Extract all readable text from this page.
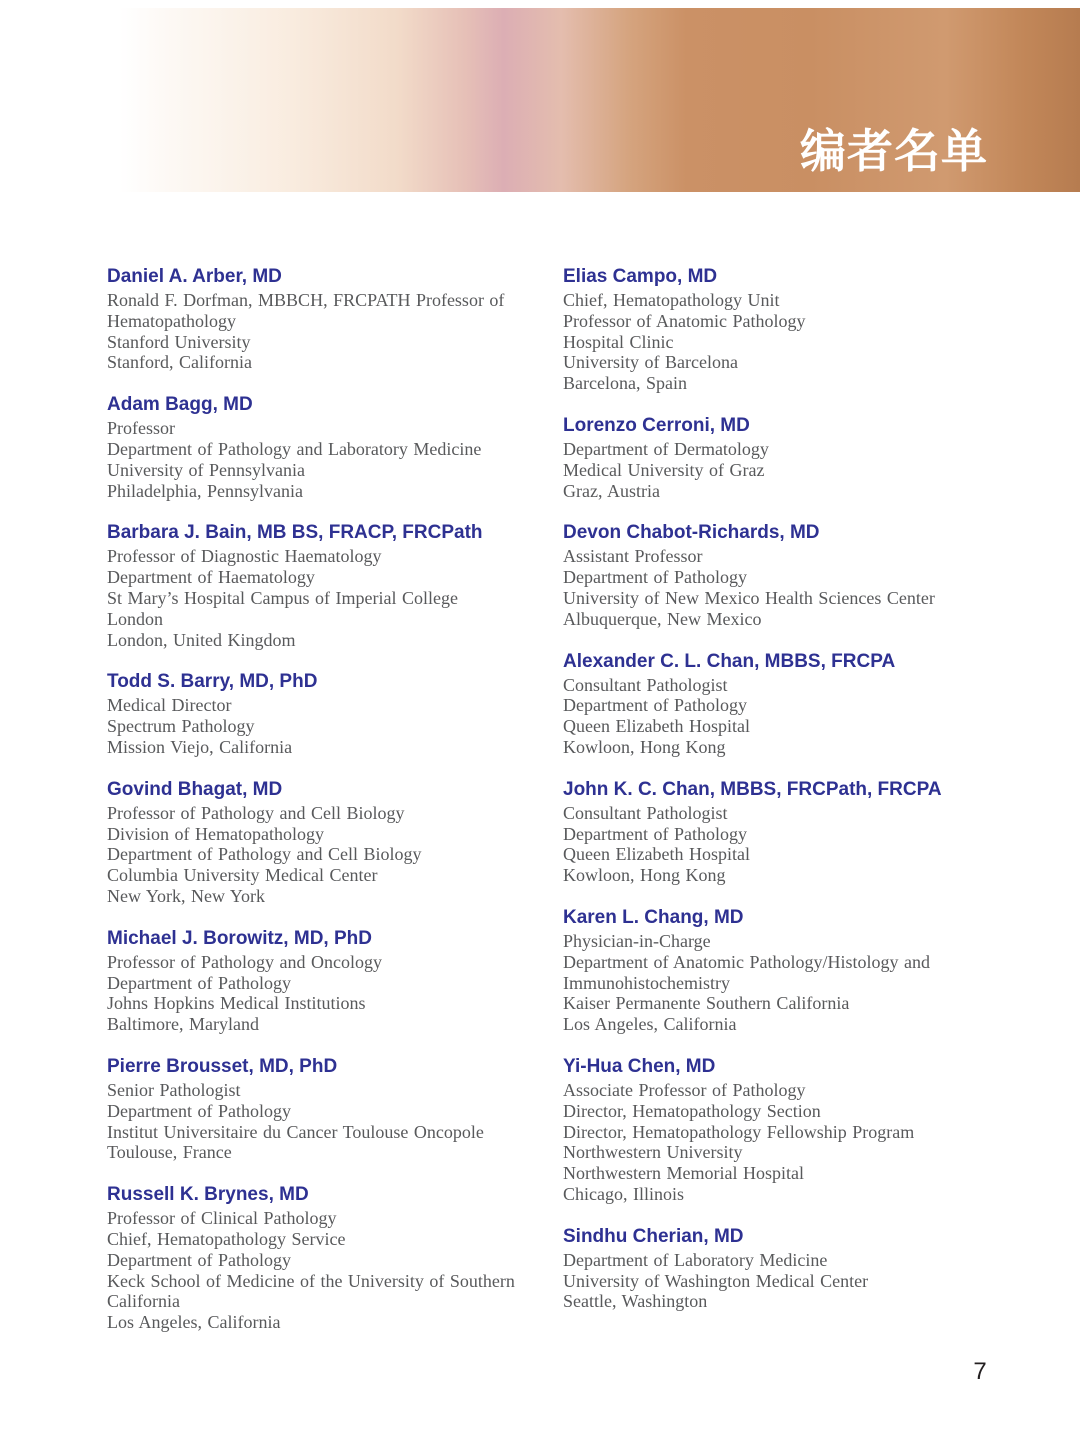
编者名单
Daniel A. Arber, MD

Ronald F. Dorfman, MBBCH, FRCPATH Professor of

Hematopathology

Stanford University

Stanford, California

Adam Bagg, MD

Professor

Department of Pathology and Laboratory Medicine

University of Pennsylvania

Philadelphia, Pennsylvania

Barbara J. Bain, MB BS, FRACP, FRCPath

Professor of Diagnostic Haematology

Department of Haematology

St Mary’s Hospital Campus of Imperial College

London

London, United Kingdom

Todd S. Barry, MD, PhD

Medical Director

Spectrum Pathology

Mission Viejo, California

Govind Bhagat, MD

Professor of Pathology and Cell Biology

Division of Hematopathology

Department of Pathology and Cell Biology

Columbia University Medical Center

New York, New York

Michael J. Borowitz, MD, PhD

Professor of Pathology and Oncology

Department of Pathology

Johns Hopkins Medical Institutions

Baltimore, Maryland

Pierre Brousset, MD, PhD

Senior Pathologist

Department of Pathology

Institut Universitaire du Cancer Toulouse Oncopole

Toulouse, France

Russell K. Brynes, MD

Professor of Clinical Pathology

Chief, Hematopathology Service

Department of Pathology

Keck School of Medicine of the University of Southern

California

Los Angeles, California

Elias Campo, MD

Chief, Hematopathology Unit

Professor of Anatomic Pathology

Hospital Clinic

University of Barcelona

Barcelona, Spain

Lorenzo Cerroni, MD

Department of Dermatology

Medical University of Graz

Graz, Austria

Devon Chabot-Richards, MD

Assistant Professor

Department of Pathology

University of New Mexico Health Sciences Center

Albuquerque, New Mexico

Alexander C. L. Chan, MBBS, FRCPA

Consultant Pathologist

Department of Pathology

Queen Elizabeth Hospital

Kowloon, Hong Kong

John K. C. Chan, MBBS, FRCPath, FRCPA

Consultant Pathologist

Department of Pathology

Queen Elizabeth Hospital

Kowloon, Hong Kong

Karen L. Chang, MD

Physician-in-Charge

Department of Anatomic Pathology/Histology and

Immunohistochemistry

Kaiser Permanente Southern California

Los Angeles, California

Yi-Hua Chen, MD

Associate Professor of Pathology

Director, Hematopathology Section

Director, Hematopathology Fellowship Program

Northwestern University

Northwestern Memorial Hospital

Chicago, Illinois

Sindhu Cherian, MD

Department of Laboratory Medicine

University of Washington Medical Center

Seattle, Washington

7
